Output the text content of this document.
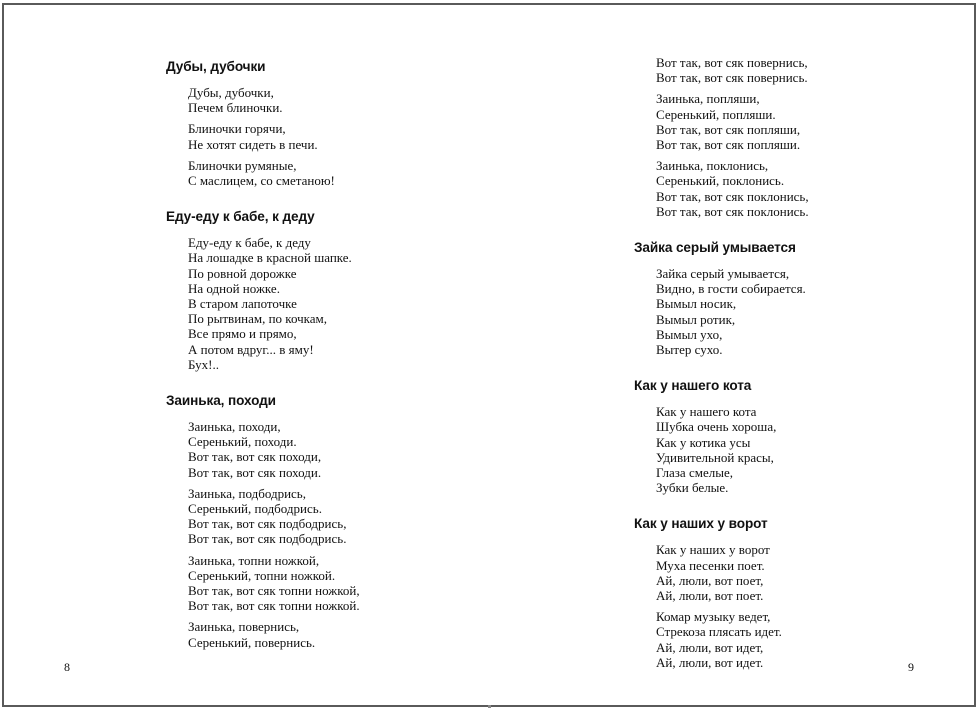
Дубы, дубочки
Дубы, дубочки,
Печем блиночки.
Блиночки горячи,
Не хотят сидеть в печи.
Блиночки румяные,
С маслицем, со сметаною!
Еду-еду к бабе, к деду
Еду-еду к бабе, к деду
На лошадке в красной шапке.
По ровной дорожке
На одной ножке.
В старом лапоточке
По рытвинам, по кочкам,
Все прямо и прямо,
А потом вдруг... в яму!
Бух!..
Заинька, походи
Заинька, походи,
Серенький, походи.
Вот так, вот сяк походи,
Вот так, вот сяк походи.
Заинька, подбодрись,
Серенький, подбодрись.
Вот так, вот сяк подбодрись,
Вот так, вот сяк подбодрись.
Заинька, топни ножкой,
Серенький, топни ножкой.
Вот так, вот сяк топни ножкой,
Вот так, вот сяк топни ножкой.
Заинька, повернись,
Серенький, повернись.
8
Вот так, вот сяк повернись,
Вот так, вот сяк повернись.
Заинька, попляши,
Серенький, попляши.
Вот так, вот сяк попляши,
Вот так, вот сяк попляши.
Заинька, поклонись,
Серенький, поклонись.
Вот так, вот сяк поклонись,
Вот так, вот сяк поклонись.
Зайка серый умывается
Зайка серый умывается,
Видно, в гости собирается.
Вымыл носик,
Вымыл ротик,
Вымыл ухо,
Вытер сухо.
Как у нашего кота
Как у нашего кота
Шубка очень хороша,
Как у котика усы
Удивительной красы,
Глаза смелые,
Зубки белые.
Как у наших у ворот
Как у наших у ворот
Муха песенки поет.
Ай, люли, вот поет,
Ай, люли, вот поет.
Комар музыку ведет,
Стрекоза плясать идет.
Ай, люли, вот идет,
Ай, люли, вот идет.	9
